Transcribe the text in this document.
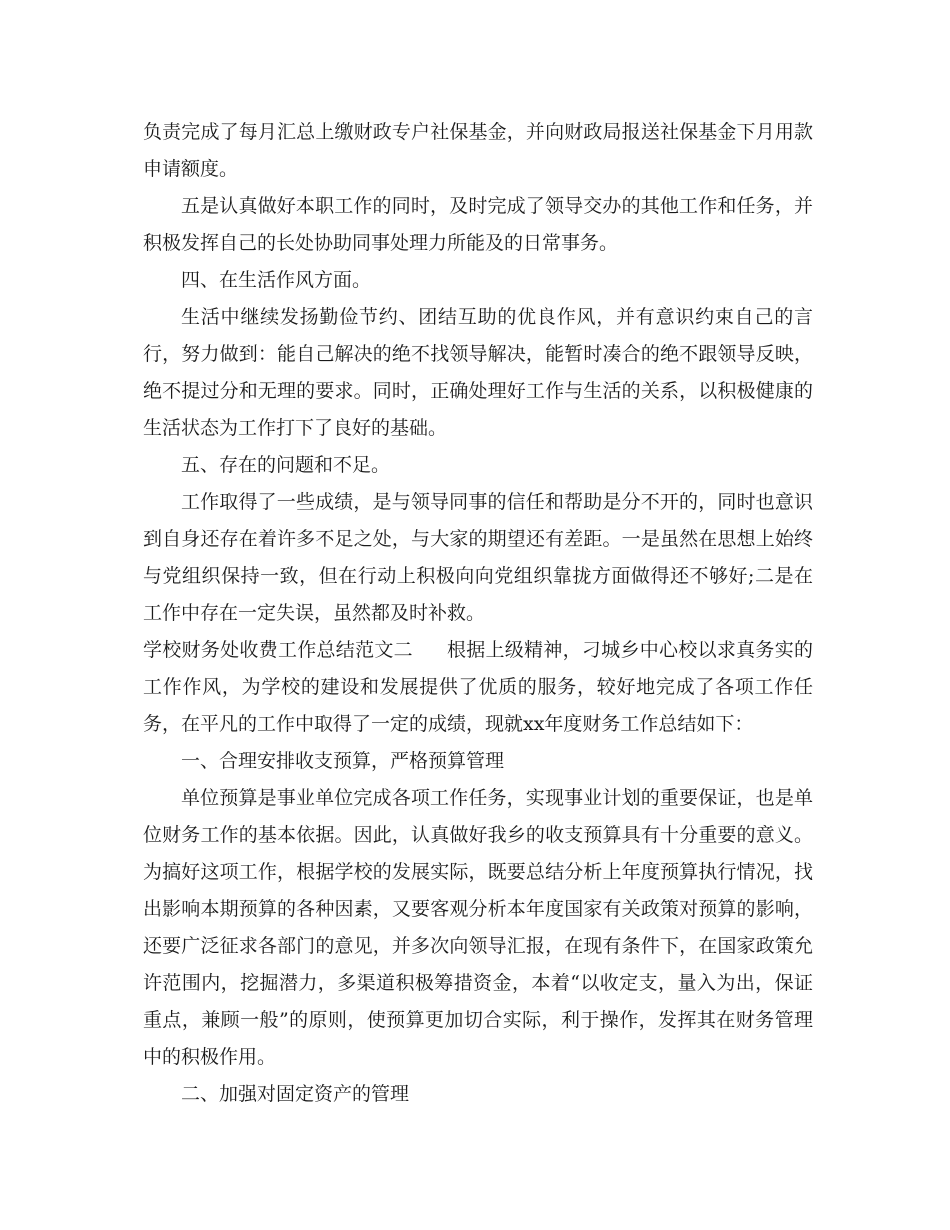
负责完成了每月汇总上缴财政专户社保基金，并向财政局报送社保基金下月用款申请额度。

五是认真做好本职工作的同时，及时完成了领导交办的其他工作和任务，并积极发挥自己的长处协助同事处理力所能及的日常事务。

四、在生活作风方面。

生活中继续发扬勤俭节约、团结互助的优良作风，并有意识约束自己的言行，努力做到：能自己解决的绝不找领导解决，能暂时凑合的绝不跟领导反映，绝不提过分和无理的要求。同时，正确处理好工作与生活的关系，以积极健康的生活状态为工作打下了良好的基础。

五、存在的问题和不足。

工作取得了一些成绩，是与领导同事的信任和帮助是分不开的，同时也意识到自身还存在着许多不足之处，与大家的期望还有差距。一是虽然在思想上始终与党组织保持一致，但在行动上积极向向党组织靠拢方面做得还不够好;二是在工作中存在一定失误，虽然都及时补救。

学校财务处收费工作总结范文二 根据上级精神，刁城乡中心校以求真务实的工作作风，为学校的建设和发展提供了优质的服务，较好地完成了各项工作任务，在平凡的工作中取得了一定的成绩，现就xx年度财务工作总结如下：

一、合理安排收支预算，严格预算管理

单位预算是事业单位完成各项工作任务，实现事业计划的重要保证，也是单位财务工作的基本依据。因此，认真做好我乡的收支预算具有十分重要的意义。为搞好这项工作，根据学校的发展实际，既要总结分析上年度预算执行情况，找出影响本期预算的各种因素，又要客观分析本年度国家有关政策对预算的影响，还要广泛征求各部门的意见，并多次向领导汇报，在现有条件下，在国家政策允许范围内，挖掘潜力，多渠道积极筹措资金，本着“以收定支，量入为出，保证重点，兼顾一般”的原则，使预算更加切合实际，利于操作，发挥其在财务管理中的积极作用。

二、加强对固定资产的管理
